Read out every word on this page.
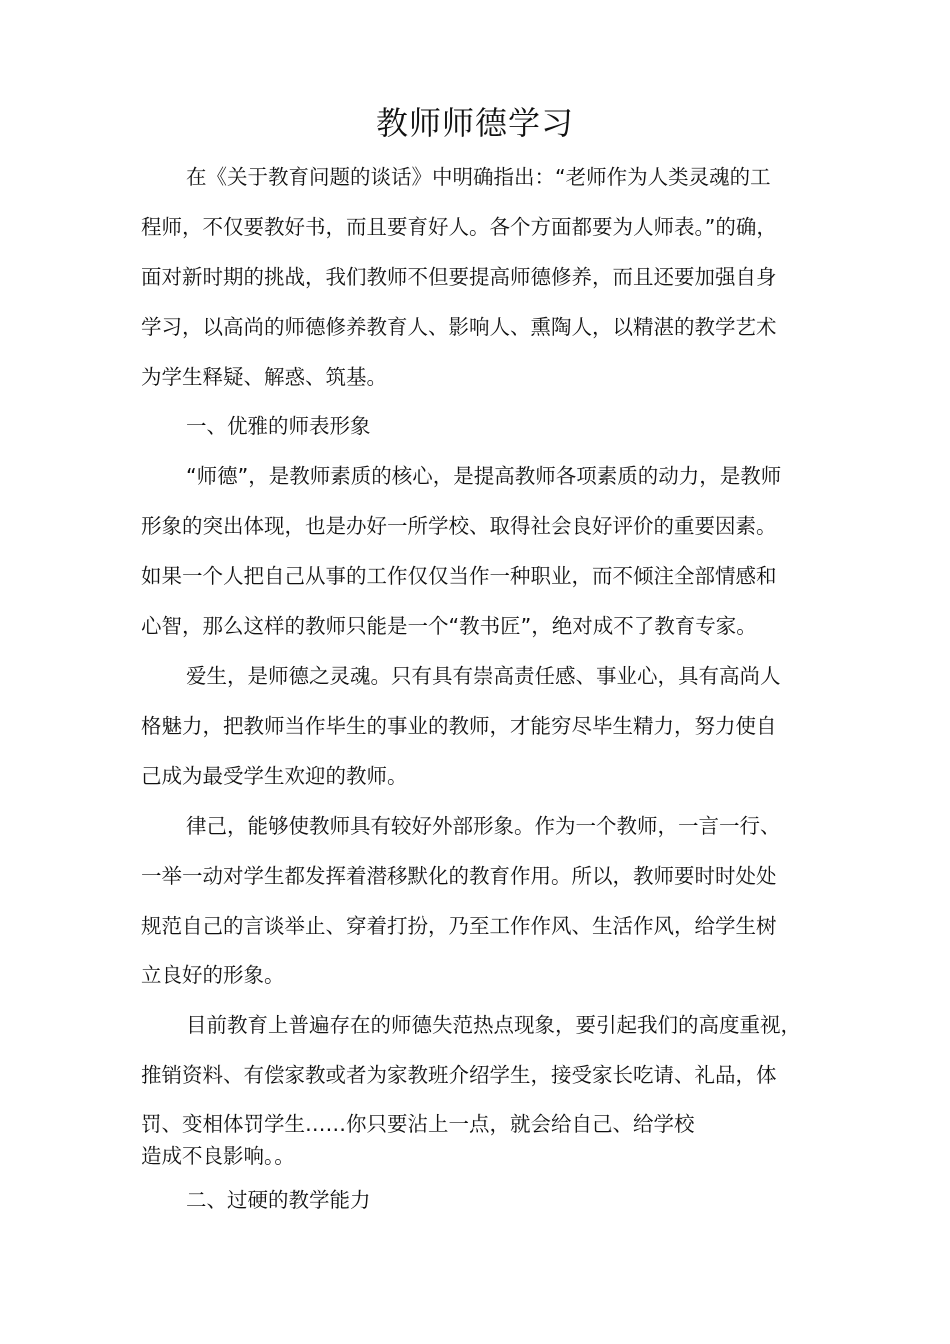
教师师德学习
在《关于教育问题的谈话》中明确指出：“老师作为人类灵魂的工
程师，不仅要教好书，而且要育好人。各个方面都要为人师表。”的确，
面对新时期的挑战，我们教师不但要提高师德修养，而且还要加强自身
学习，以高尚的师德修养教育人、影响人、熏陶人，以精湛的教学艺术
为学生释疑、解惑、筑基。
一、优雅的师表形象
“师德”，是教师素质的核心，是提高教师各项素质的动力，是教师
形象的突出体现，也是办好一所学校、取得社会良好评价的重要因素。
如果一个人把自己从事的工作仅仅当作一种职业，而不倾注全部情感和
心智，那么这样的教师只能是一个“教书匠”，绝对成不了教育专家。
爱生，是师德之灵魂。只有具有崇高责任感、事业心，具有高尚人
格魅力，把教师当作毕生的事业的教师，才能穷尽毕生精力，努力使自
己成为最受学生欢迎的教师。
律己，能够使教师具有较好外部形象。作为一个教师，一言一行、
一举一动对学生都发挥着潜移默化的教育作用。所以，教师要时时处处
规范自己的言谈举止、穿着打扮，乃至工作作风、生活作风，给学生树
立良好的形象。
目前教育上普遍存在的师德失范热点现象，要引起我们的高度重视，
推销资料、有偿家教或者为家教班介绍学生，接受家长吃请、礼品，体
罚、变相体罚学生……你只要沾上一点，就会给自己、给学校
造成不良影响。。
二、过硬的教学能力
